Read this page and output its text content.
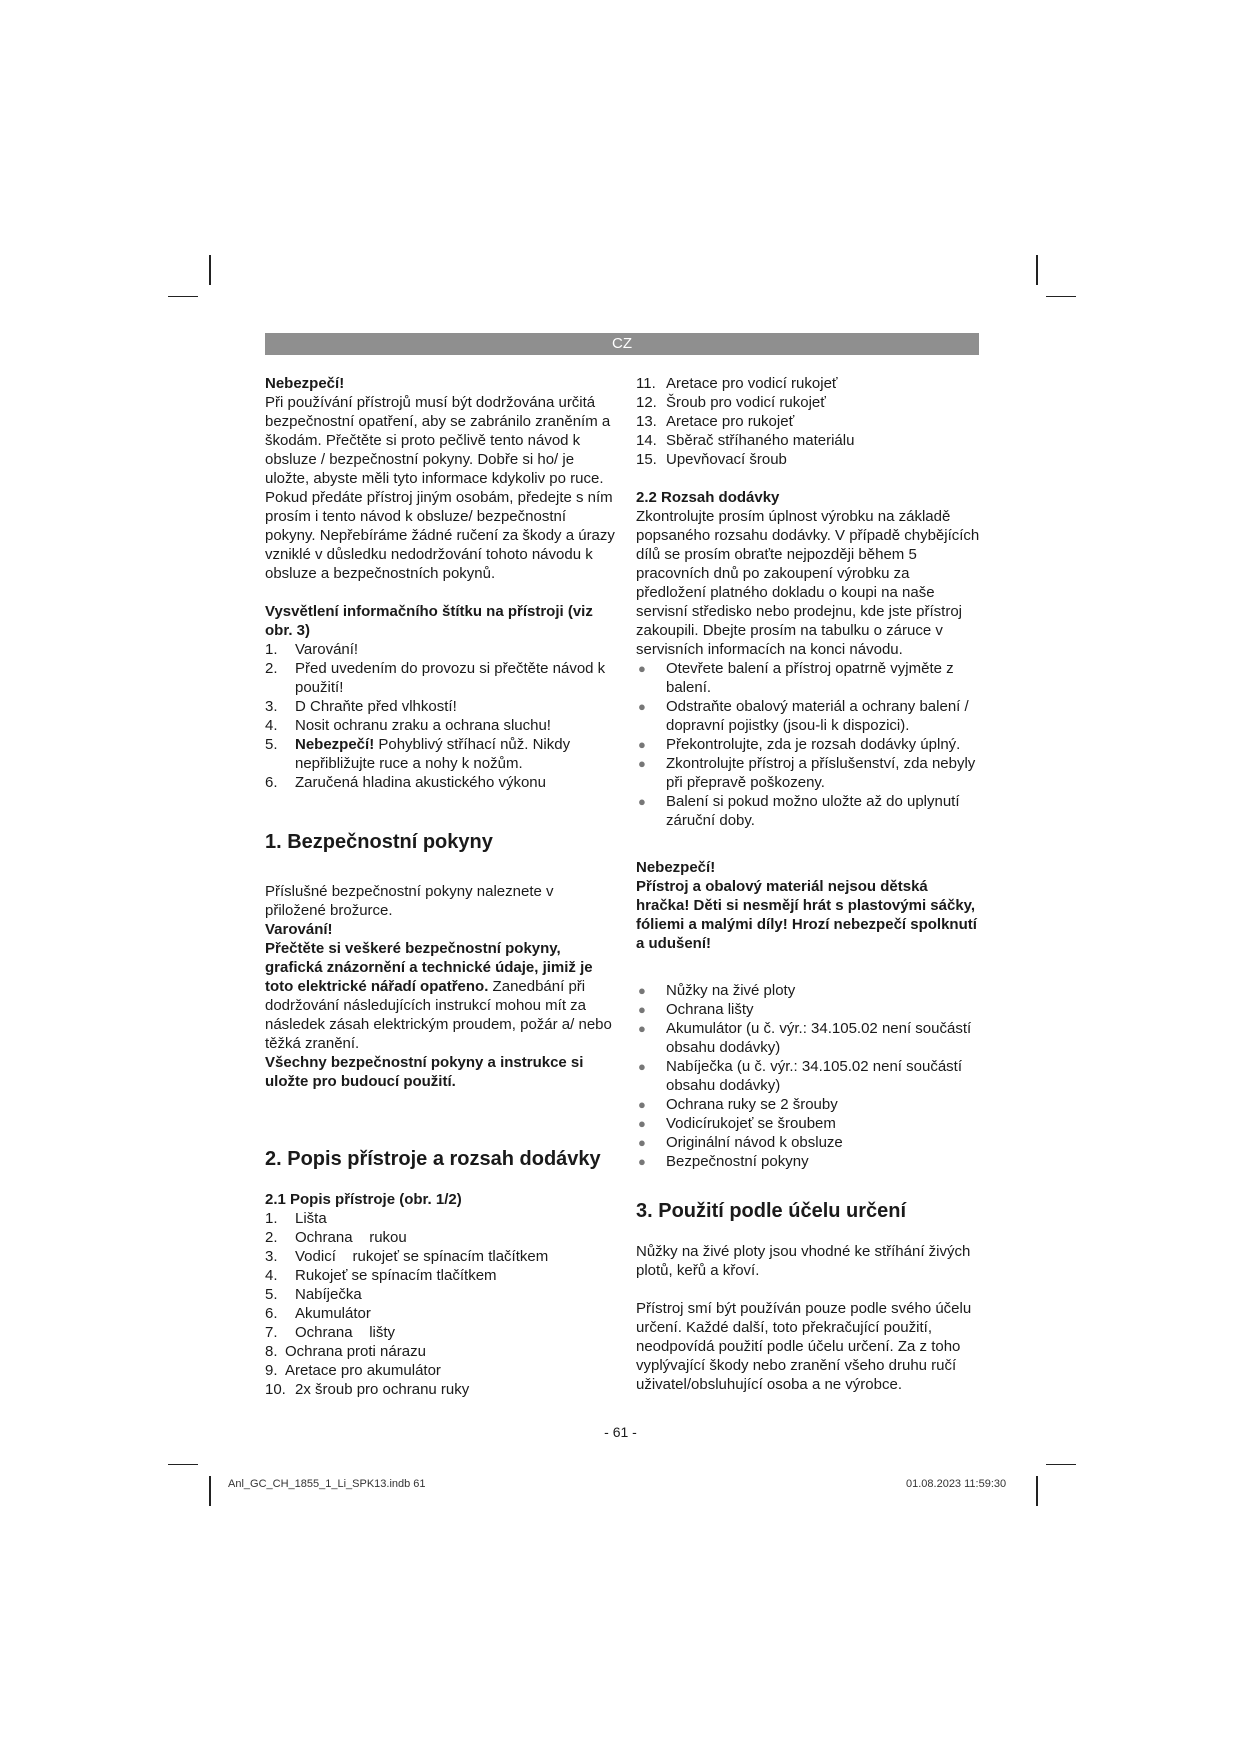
CZ

Nebezpečí!

Při používání přístrojů musí být dodržována určitá bezpečnostní opatření, aby se zabránilo zraněním a škodám. Přečtěte si proto pečlivě tento návod k obsluze / bezpečnostní pokyny. Dobře si ho/ je uložte, abyste měli tyto informace kdykoliv po ruce. Pokud předáte přístroj jiným osobám, předejte s ním prosím i tento návod k obsluze/ bezpečnostní pokyny. Nepřebíráme žádné ručení za škody a úrazy vzniklé v důsledku nedodržování tohoto návodu k obsluze a bezpečnostních pokynů.

Vysvětlení informačního štítku na přístroji (viz obr. 3)

1.	Varování!
2.	Před uvedením do provozu si přečtěte návod k použití!
3.	D Chraňte před vlhkostí!
4.	Nosit ochranu zraku a ochrana sluchu!
5.	Nebezpečí! Pohyblivý stříhací nůž. Nikdy nepřibližujte ruce a nohy k nožům.
6.	Zaručená hladina akustického výkonu

1. Bezpečnostní pokyny

Příslušné bezpečnostní pokyny naleznete v přiložené brožurce.

Varování!

Přečtěte si veškeré bezpečnostní pokyny, grafická znázornění a technické údaje, jimiž je toto elektrické nářadí opatřeno. Zanedbání při dodržování následujících instrukcí mohou mít za následek zásah elektrickým proudem, požár a/ nebo těžká zranění.

Všechny bezpečnostní pokyny a instrukce si uložte pro budoucí použití.

2. Popis přístroje a rozsah dodávky

2.1 Popis přístroje (obr. 1/2)

1.	Lišta
2.	Ochrana    rukou
3.	Vodicí    rukojeť se spínacím tlačítkem
4.	Rukojeť se spínacím tlačítkem
5.	Nabíječka
6.	Akumulátor
7.	Ochrana    lišty
8. Ochrana proti nárazu
9. Aretace pro akumulátor
10. 2x šroub pro ochranu ruky
11. Aretace pro vodicí rukojeť
12. Šroub pro vodicí rukojeť
13. Aretace pro rukojeť
14. Sběrač stříhaného materiálu
15. Upevňovací šroub

2.2 Rozsah dodávky

Zkontrolujte prosím úplnost výrobku na základě popsaného rozsahu dodávky. V případě chybějících dílů se prosím obraťte nejpozději během 5 pracovních dnů po zakoupení výrobku za předložení platného dokladu o koupi na naše servisní středisko nebo prodejnu, kde jste přístroj zakoupili. Dbejte prosím na tabulku o záruce v servisních informacích na konci návodu.

●	Otevřete balení a přístroj opatrně vyjměte z balení.
●	Odstraňte obalový materiál a ochrany balení / dopravní pojistky (jsou-li k dispozici).
●	Překontrolujte, zda je rozsah dodávky úplný.
●	Zkontrolujte přístroj a příslušenství, zda nebyly při přepravě poškozeny.
●	Balení si pokud možno uložte až do uplynutí záruční doby.

Nebezpečí!

Přístroj a obalový materiál nejsou dětská hračka! Děti si nesmějí hrát s plastovými sáčky, fóliemi a malými díly! Hrozí nebezpečí spolknutí a udušení!

●	Nůžky na živé ploty
●	Ochrana lišty
●	Akumulátor (u č. výr.: 34.105.02 není součástí obsahu dodávky)
●	Nabíječka (u č. výr.: 34.105.02 není součástí obsahu dodávky)
●	Ochrana ruky se 2 šrouby
●	Vodicírukojeť se šroubem
●	Originální návod k obsluze
●	Bezpečnostní pokyny

3. Použití podle účelu určení

Nůžky na živé ploty jsou vhodné ke stříhání živých plotů, keřů a křoví.

Přístroj smí být používán pouze podle svého účelu určení. Každé další, toto překračující použití, neodpovídá použití podle účelu určení. Za z toho vyplývající škody nebo zranění všeho druhu ručí uživatel/obsluhující osoba a ne výrobce.

- 61 -
Anl_GC_CH_1855_1_Li_SPK13.indb 61	01.08.2023 11:59:30
